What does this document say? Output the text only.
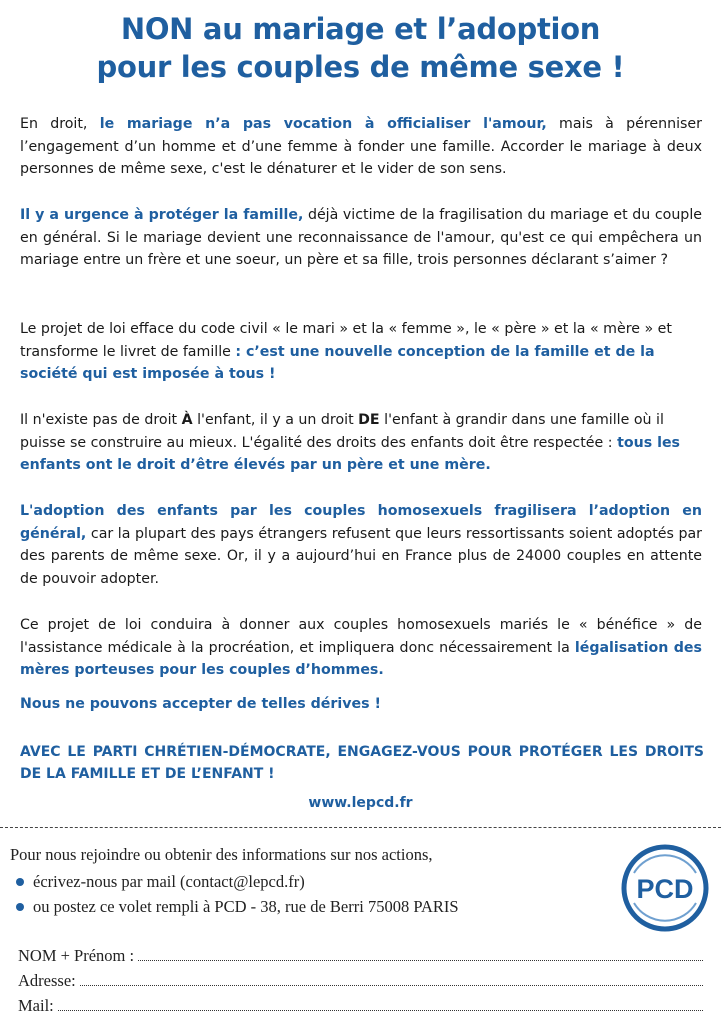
NON au mariage et l’adoption
pour les couples de même sexe !

En droit, le mariage n’a pas vocation à officialiser l'amour, mais à pérenniser l’engagement d’un homme et d’une femme à fonder une famille. Accorder le mariage à deux personnes de même sexe, c'est le dénaturer et le vider de son sens.

Il y a urgence à protéger la famille, déjà victime de la fragilisation du mariage et du couple en général. Si le mariage devient une reconnaissance de l'amour, qu'est ce qui empêchera un mariage entre un frère et une soeur, un père et sa fille, trois personnes déclarant s’aimer ?

Le projet de loi efface du code civil « le mari » et la « femme », le « père » et la « mère » et transforme le livret de famille : c’est une nouvelle conception de la famille et de la société qui est imposée à tous !

Il n'existe pas de droit À l'enfant, il y a un droit DE l'enfant à grandir dans une famille où il puisse se construire au mieux. L'égalité des droits des enfants doit être respectée : tous les enfants ont le droit d’être élevés par un père et une mère.

L'adoption des enfants par les couples homosexuels fragilisera l’adoption en général, car la plupart des pays étrangers refusent que leurs ressortissants soient adoptés par des parents de même sexe. Or, il y a aujourd’hui en France plus de 24000 couples en attente de pouvoir adopter.

Ce projet de loi conduira à donner aux couples homosexuels mariés le « bénéfice » de l'assistance médicale à la procréation, et impliquera donc nécessairement la légalisation des mères porteuses pour les couples d’hommes.

Nous ne pouvons accepter de telles dérives !

AVEC LE PARTI CHRÉTIEN-DÉMOCRATE, ENGAGEZ-VOUS POUR PROTÉGER LES DROITS DE LA FAMILLE ET DE L’ENFANT !
www.lepcd.fr
Pour nous rejoindre ou obtenir des informations sur nos actions,
écrivez-nous par mail (contact@lepcd.fr)
ou postez ce volet rempli à PCD - 38, rue de Berri 75008 PARIS
NOM + Prénom :
Adresse:
Mail:
PCD
